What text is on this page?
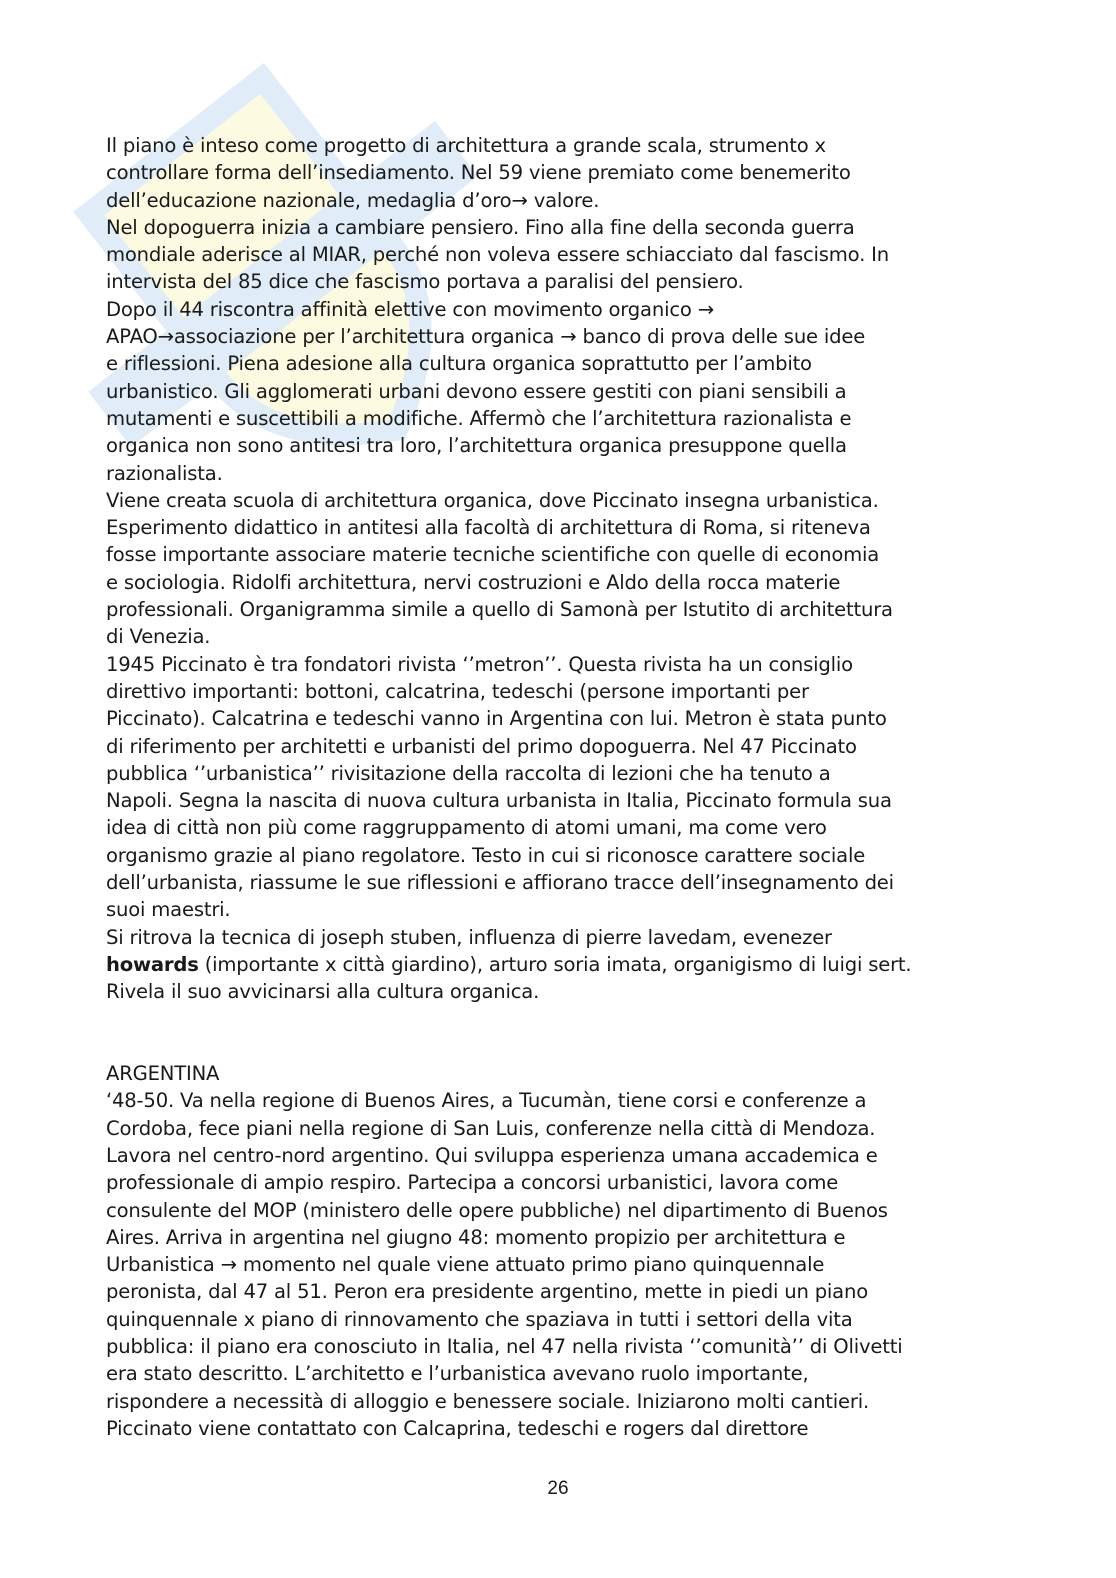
Il piano è inteso come progetto di architettura a grande scala, strumento x
controllare forma dell’insediamento. Nel 59 viene premiato come benemerito
dell’educazione nazionale, medaglia d’oro→ valore.
Nel dopoguerra inizia a cambiare pensiero. Fino alla fine della seconda guerra
mondiale aderisce al MIAR, perché non voleva essere schiacciato dal fascismo. In
intervista del 85 dice che fascismo portava a paralisi del pensiero.
Dopo il 44 riscontra affinità elettive con movimento organico →
APAO→associazione per l’architettura organica → banco di prova delle sue idee
e riflessioni. Piena adesione alla cultura organica soprattutto per l’ambito
urbanistico. Gli agglomerati urbani devono essere gestiti con piani sensibili a
mutamenti e suscettibili a modifiche. Affermò che l’architettura razionalista e
organica non sono antitesi tra loro, l’architettura organica presuppone quella
razionalista.
Viene creata scuola di architettura organica, dove Piccinato insegna urbanistica.
Esperimento didattico in antitesi alla facoltà di architettura di Roma, si riteneva
fosse importante associare materie tecniche scientifiche con quelle di economia
e sociologia. Ridolfi architettura, nervi costruzioni e Aldo della rocca materie
professionali. Organigramma simile a quello di Samonà per Istutito di architettura
di Venezia.
1945 Piccinato è tra fondatori rivista ‘’metron’’. Questa rivista ha un consiglio
direttivo importanti: bottoni, calcatrina, tedeschi (persone importanti per
Piccinato). Calcatrina e tedeschi vanno in Argentina con lui. Metron è stata punto
di riferimento per architetti e urbanisti del primo dopoguerra. Nel 47 Piccinato
pubblica ‘’urbanistica’’ rivisitazione della raccolta di lezioni che ha tenuto a
Napoli. Segna la nascita di nuova cultura urbanista in Italia, Piccinato formula sua
idea di città non più come raggruppamento di atomi umani, ma come vero
organismo grazie al piano regolatore. Testo in cui si riconosce carattere sociale
dell’urbanista, riassume le sue riflessioni e affiorano tracce dell’insegnamento dei
suoi maestri.
Si ritrova la tecnica di joseph stuben, influenza di pierre lavedam, evenezer
howards (importante x città giardino), arturo soria imata, organigismo di luigi sert.
Rivela il suo avvicinarsi alla cultura organica.
ARGENTINA
‘48-50. Va nella regione di Buenos Aires, a Tucumàn, tiene corsi e conferenze a
Cordoba, fece piani nella regione di San Luis, conferenze nella città di Mendoza.
Lavora nel centro-nord argentino. Qui sviluppa esperienza umana accademica e
professionale di ampio respiro. Partecipa a concorsi urbanistici, lavora come
consulente del MOP (ministero delle opere pubbliche) nel dipartimento di Buenos
Aires. Arriva in argentina nel giugno 48: momento propizio per architettura e
Urbanistica → momento nel quale viene attuato primo piano quinquennale
peronista, dal 47 al 51. Peron era presidente argentino, mette in piedi un piano
quinquennale x piano di rinnovamento che spaziava in tutti i settori della vita
pubblica: il piano era conosciuto in Italia, nel 47 nella rivista ‘’comunità’’ di Olivetti
era stato descritto. L’architetto e l’urbanistica avevano ruolo importante,
rispondere a necessità di alloggio e benessere sociale. Iniziarono molti cantieri.
Piccinato viene contattato con Calcaprina, tedeschi e rogers dal direttore
26
